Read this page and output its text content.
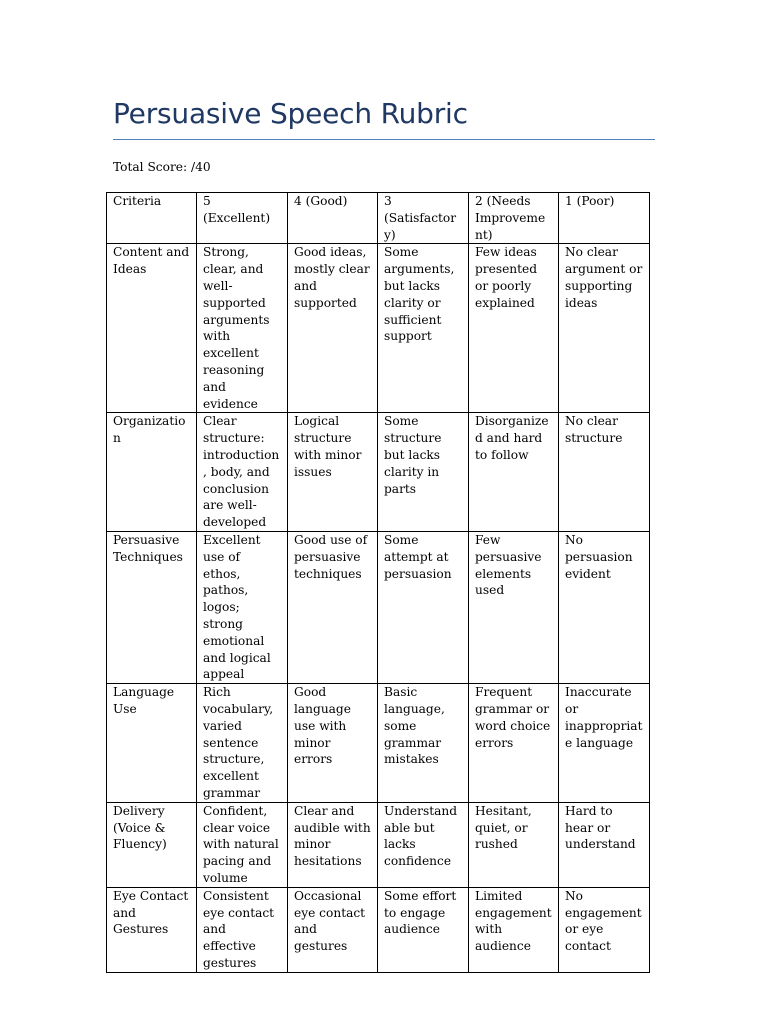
Persuasive Speech Rubric

Total Score: /40

Criteria	5 (Excellent)	4 (Good)	3 (Satisfactory)	2 (Needs Improvement)	1 (Poor)
Content and Ideas	Strong, clear, and well-supported arguments with excellent reasoning and evidence	Good ideas, mostly clear and supported	Some arguments, but lacks clarity or sufficient support	Few ideas presented or poorly explained	No clear argument or supporting ideas
Organization	Clear structure: introduction, body, and conclusion are well-developed	Logical structure with minor issues	Some structure but lacks clarity in parts	Disorganized and hard to follow	No clear structure
Persuasive Techniques	Excellent use of ethos, pathos, logos; strong emotional and logical appeal	Good use of persuasive techniques	Some attempt at persuasion	Few persuasive elements used	No persuasion evident
Language Use	Rich vocabulary, varied sentence structure, excellent grammar	Good language use with minor errors	Basic language, some grammar mistakes	Frequent grammar or word choice errors	Inaccurate or inappropriate language
Delivery (Voice & Fluency)	Confident, clear voice with natural pacing and volume	Clear and audible with minor hesitations	Understandable but lacks confidence	Hesitant, quiet, or rushed	Hard to hear or understand
Eye Contact and Gestures	Consistent eye contact and effective gestures	Occasional eye contact and gestures	Some effort to engage audience	Limited engagement with audience	No engagement or eye contact
